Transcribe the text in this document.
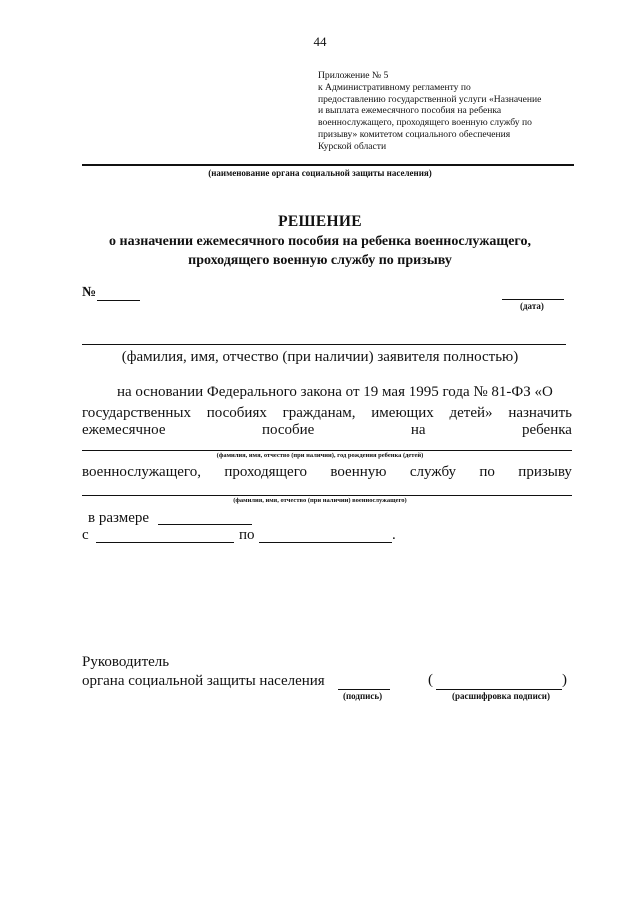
44
Приложение № 5
к Административному регламенту по
предоставлению государственной услуги «Назначение
и выплата ежемесячного пособия на ребенка
военнослужащего, проходящего военную службу по
призыву» комитетом социального обеспечения
Курской области
(наименование органа социальной защиты населения)
РЕШЕНИЕ
о назначении ежемесячного пособия на ребенка военнослужащего,
проходящего военную службу по призыву
№
(дата)
(фамилия, имя, отчество (при наличии) заявителя полностью)
на основании Федерального закона от 19 мая 1995 года № 81-ФЗ «О
государственных пособиях гражданам, имеющих детей» назначить
ежемесячное	пособие	на	ребенка
(фамилия, имя, отчество (при наличии), год рождения ребенка (детей)
военнослужащего, проходящего военную службу по призыву
(фамилия, имя, отчество (при наличии) военнослужащего)
в размере
с	по	.
Руководитель
органа социальной защиты населения
(подпись)
(	)
(расшифровка подписи)
